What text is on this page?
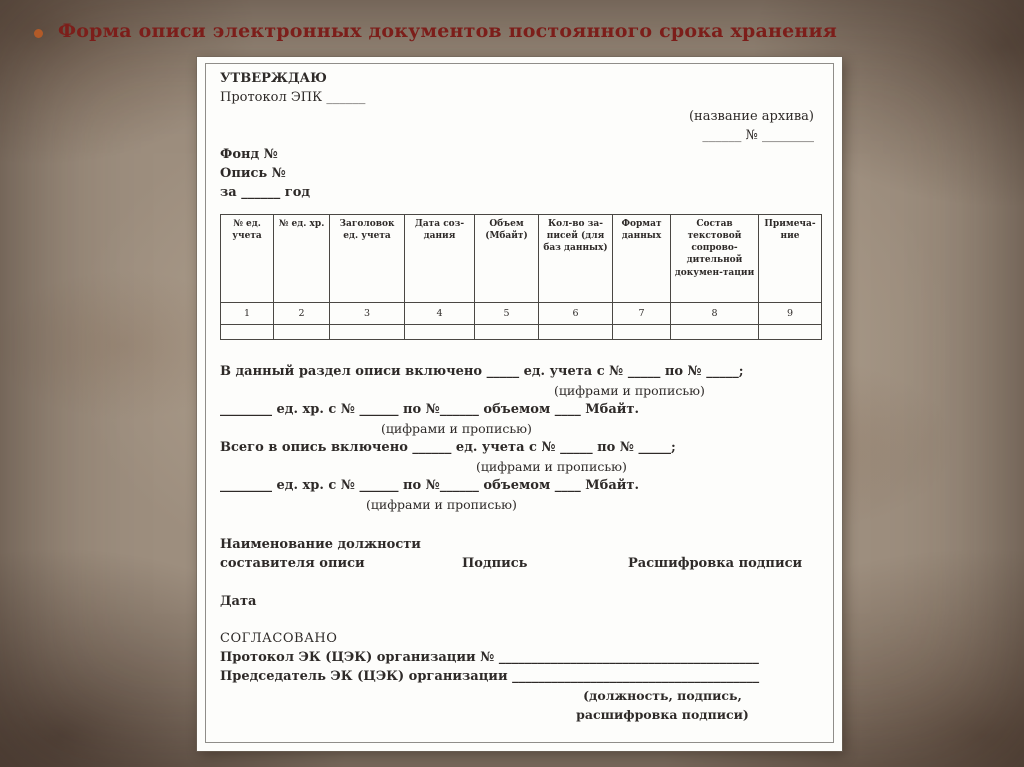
Форма описи электронных документов постоянного срока хранения
УТВЕРЖДАЮ
Протокол ЭПК ______
(название архива)
______ № ________
Фонд №
Опись №
за ______ год
№ ед. учета	№ ед. хр.	Заголовок ед. учета	Дата соз-дания	Объем (Мбайт)	Кол-во за-писей (для баз данных)	Формат данных	Состав текстовой сопрово-дительной докумен-тации	Примеча-ние
1	2	3	4	5	6	7	8	9

В данный раздел описи включено _____ ед. учета с № _____ по № _____;
(цифрами и прописью)
________ ед. хр. с № ______ по №______ объемом ____ Мбайт.
(цифрами и прописью)
Всего в опись включено ______ ед. учета с № _____ по № _____;
(цифрами и прописью)
________ ед. хр. с № ______ по №______ объемом ____ Мбайт.
(цифрами и прописью)
Наименование должности
составителя описи	Подпись	Расшифровка подписи
Дата
СОГЛАСОВАНО
Протокол ЭК (ЦЭК) организации № ________________________________________
Председатель ЭК (ЦЭК) организации ______________________________________
(должность, подпись,
расшифровка подписи)
